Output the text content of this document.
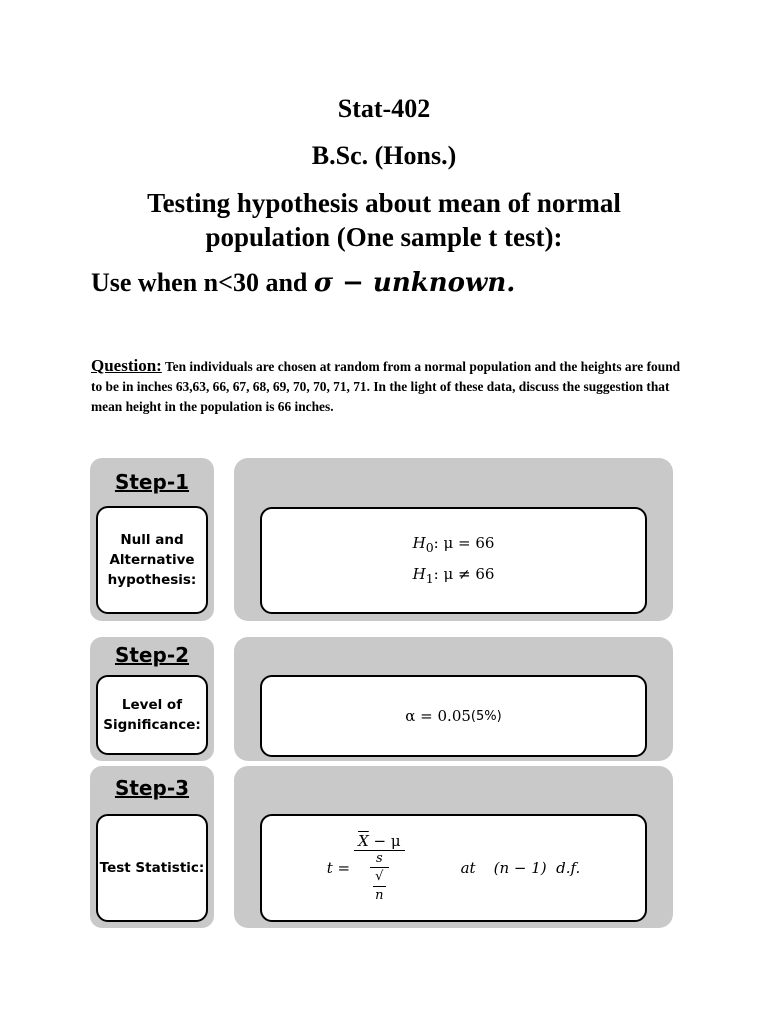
Stat-402
B.Sc. (Hons.)
Testing hypothesis about mean of normal population (One sample t test):
Use when n<30 and σ − unknown.
Question: Ten individuals are chosen at random from a normal population and the heights are found to be in inches 63,63, 66, 67, 68, 69, 70, 70, 71, 71. In the light of these data, discuss the suggestion that mean height in the population is 66 inches.
Step-1
Null and Alternative hypothesis:
$H_0$: μ = 66
$H_1$: μ ≠ 66
Step-2
Level of Significance:	α = 0.05 (5%)
Step-3
Test Statistic:	$t = \overline{X} - \mu$
s
√
n	at (n − 1)  d.f.
